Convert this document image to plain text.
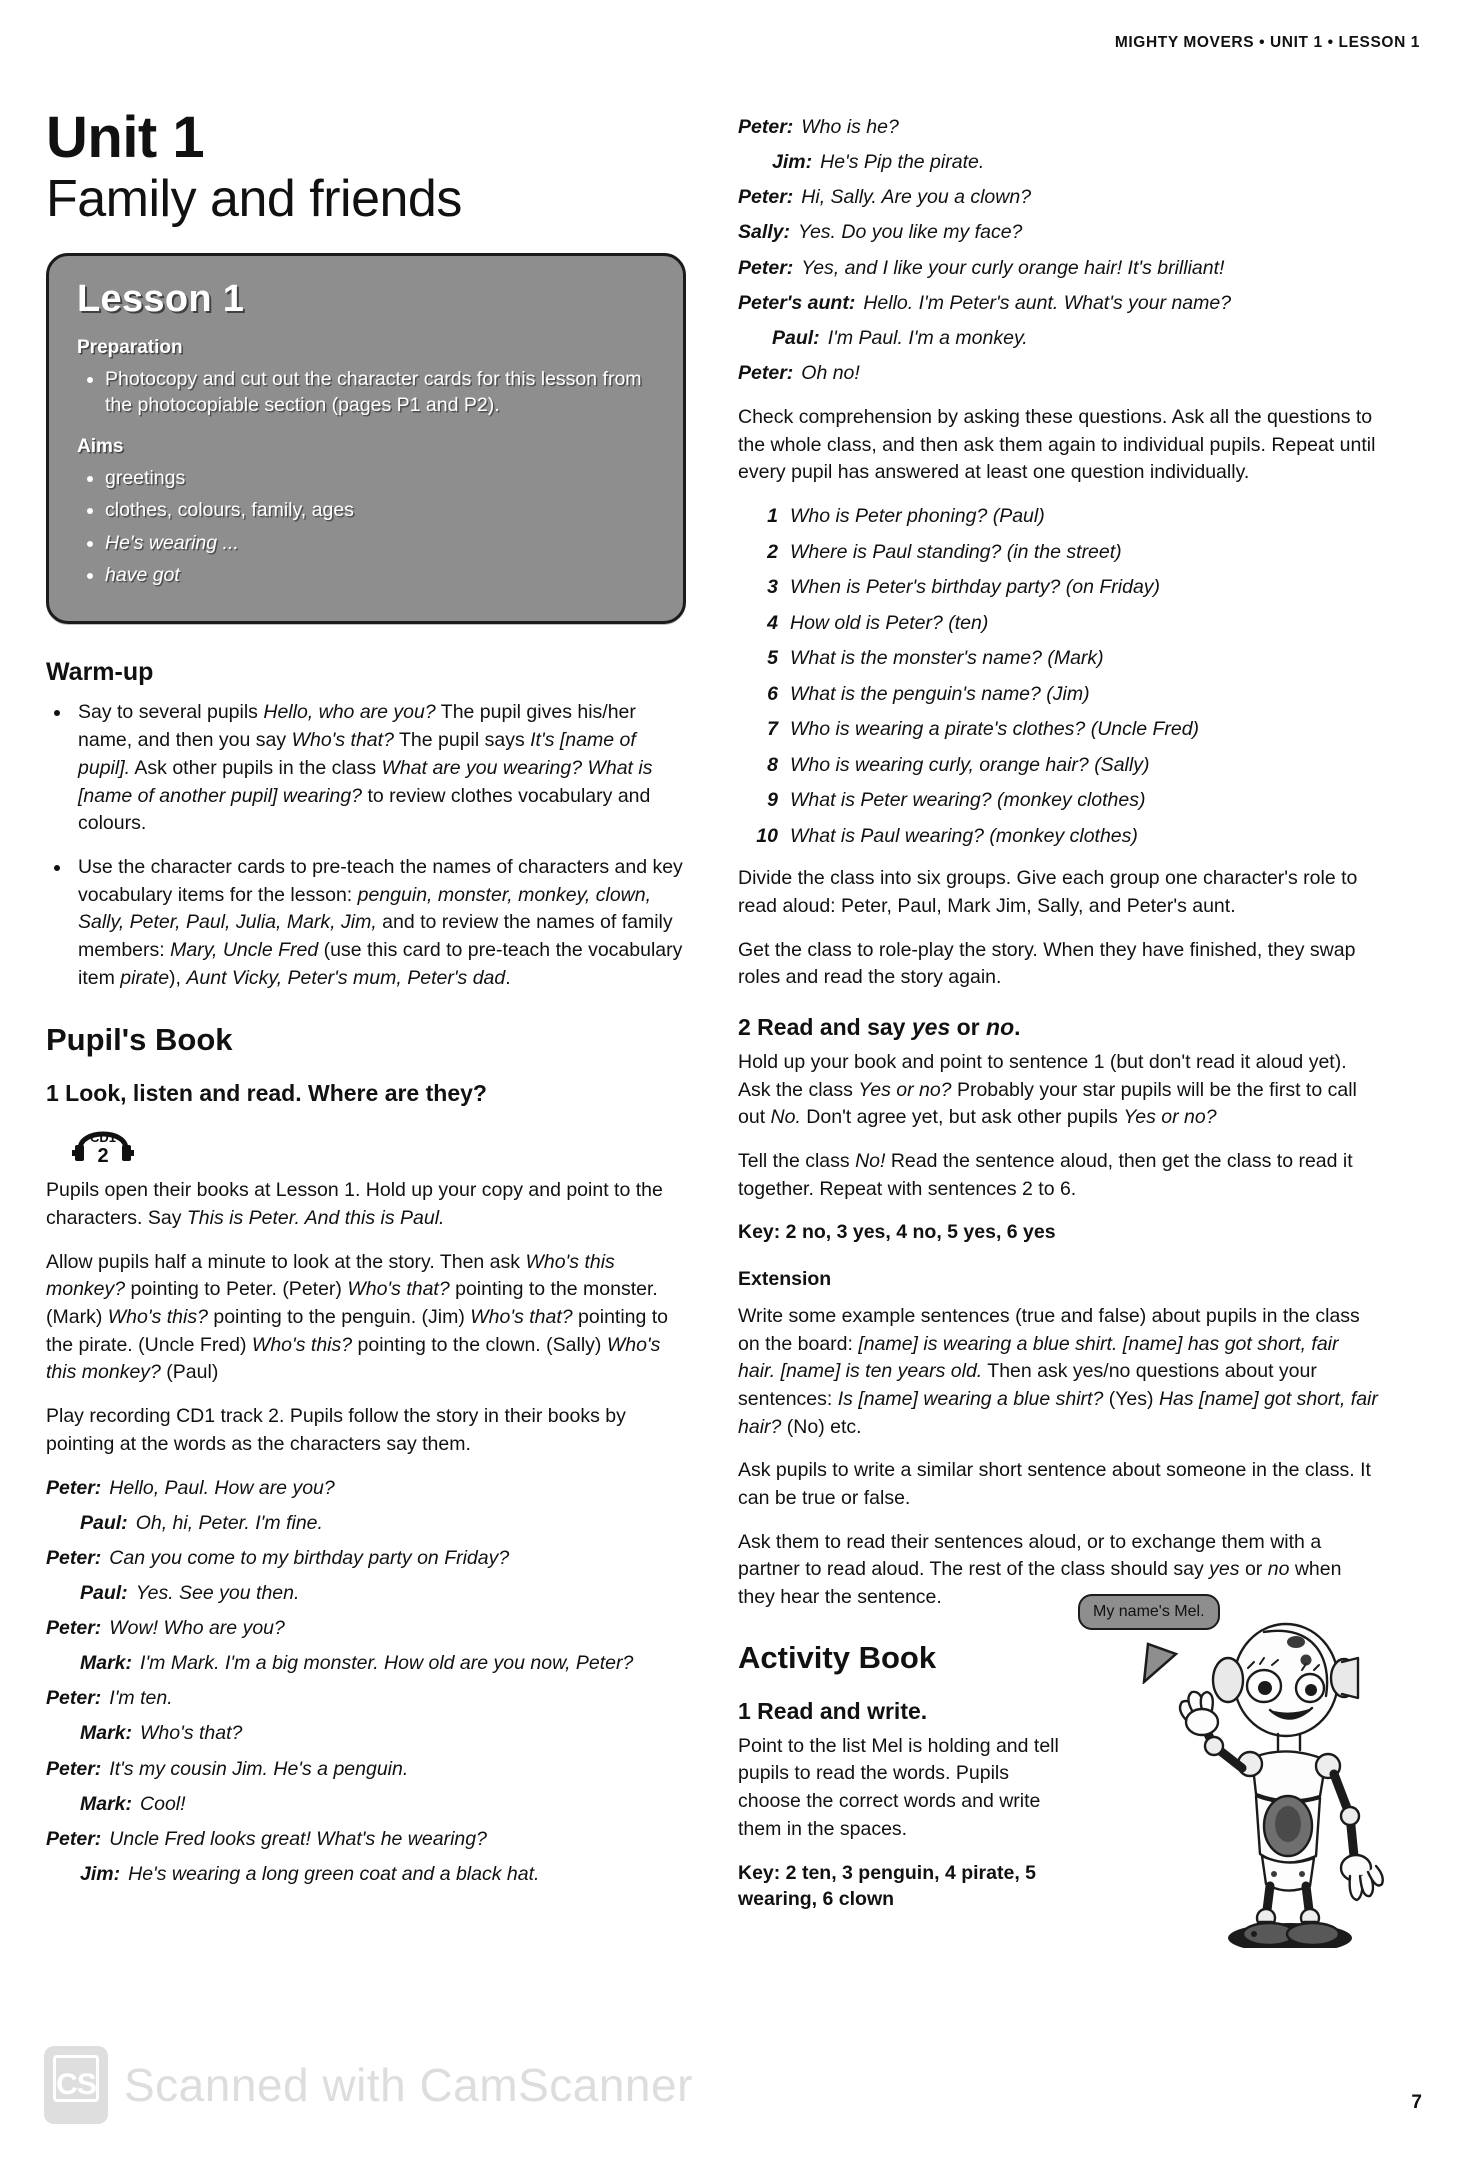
MIGHTY MOVERS • UNIT 1 • LESSON 1
Unit 1
Family and friends
Lesson 1
Preparation
• Photocopy and cut out the character cards for this lesson from the photocopiable section (pages P1 and P2).
Aims
• greetings
• clothes, colours, family, ages
• He's wearing ...
• have got
Warm-up
• Say to several pupils Hello, who are you? The pupil gives his/her name, and then you say Who's that? The pupil says It's [name of pupil]. Ask other pupils in the class What are you wearing? What is [name of another pupil] wearing? to review clothes vocabulary and colours.
• Use the character cards to pre-teach the names of characters and key vocabulary items for the lesson: penguin, monster, monkey, clown, Sally, Peter, Paul, Julia, Mark, Jim, and to review the names of family members: Mary, Uncle Fred (use this card to pre-teach the vocabulary item pirate), Aunt Vicky, Peter's mum, Peter's dad.
Pupil's Book
1 Look, listen and read. Where are they?
CD1
2

Pupils open their books at Lesson 1. Hold up your copy and point to the characters. Say This is Peter. And this is Paul.

Allow pupils half a minute to look at the story. Then ask Who's this monkey? pointing to Peter. (Peter) Who's that? pointing to the monster. (Mark) Who's this? pointing to the penguin. (Jim) Who's that? pointing to the pirate. (Uncle Fred) Who's this? pointing to the clown. (Sally) Who's this monkey? (Paul)

Play recording CD1 track 2. Pupils follow the story in their books by pointing at the words as the characters say them.

Peter: Hello, Paul. How are you?
Paul: Oh, hi, Peter. I'm fine.
Peter: Can you come to my birthday party on Friday?
Paul: Yes. See you then.
Peter: Wow! Who are you?
Mark: I'm Mark. I'm a big monster. How old are you now, Peter?
Peter: I'm ten.
Mark: Who's that?
Peter: It's my cousin Jim. He's a penguin.
Mark: Cool!
Peter: Uncle Fred looks great! What's he wearing?
Jim: He's wearing a long green coat and a black hat.
Peter: Who is he?
Jim: He's Pip the pirate.
Peter: Hi, Sally. Are you a clown?
Sally: Yes. Do you like my face?
Peter: Yes, and I like your curly orange hair! It's brilliant!
Peter's aunt: Hello. I'm Peter's aunt. What's your name?
Paul: I'm Paul. I'm a monkey.
Peter: Oh no!

Check comprehension by asking these questions. Ask all the questions to the whole class, and then ask them again to individual pupils. Repeat until every pupil has answered at least one question individually.

1 Who is Peter phoning? (Paul)
2 Where is Paul standing? (in the street)
3 When is Peter's birthday party? (on Friday)
4 How old is Peter? (ten)
5 What is the monster's name? (Mark)
6 What is the penguin's name? (Jim)
7 Who is wearing a pirate's clothes? (Uncle Fred)
8 Who is wearing curly, orange hair? (Sally)
9 What is Peter wearing? (monkey clothes)
10 What is Paul wearing? (monkey clothes)

Divide the class into six groups. Give each group one character's role to read aloud: Peter, Paul, Mark Jim, Sally, and Peter's aunt.

Get the class to role-play the story. When they have finished, they swap roles and read the story again.

2 Read and say yes or no.

Hold up your book and point to sentence 1 (but don't read it aloud yet). Ask the class Yes or no? Probably your star pupils will be the first to call out No. Don't agree yet, but ask other pupils Yes or no?

Tell the class No! Read the sentence aloud, then get the class to read it together. Repeat with sentences 2 to 6.

Key: 2 no, 3 yes, 4 no, 5 yes, 6 yes

Extension

Write some example sentences (true and false) about pupils in the class on the board: [name] is wearing a blue shirt. [name] has got short, fair hair. [name] is ten years old. Then ask yes/no questions about your sentences: Is [name] wearing a blue shirt? (Yes) Has [name] got short, fair hair? (No) etc.

Ask pupils to write a similar short sentence about someone in the class. It can be true or false.

Ask them to read their sentences aloud, or to exchange them with a partner to read aloud. The rest of the class should say yes or no when they hear the sentence.

My name's Mel.
Activity Book
1 Read and write.

Point to the list Mel is holding and tell pupils to read the words. Pupils choose the correct words and write them in the spaces.

Key: 2 ten, 3 penguin, 4 pirate, 5 wearing, 6 clown

CS Scanned with CamScanner	7
